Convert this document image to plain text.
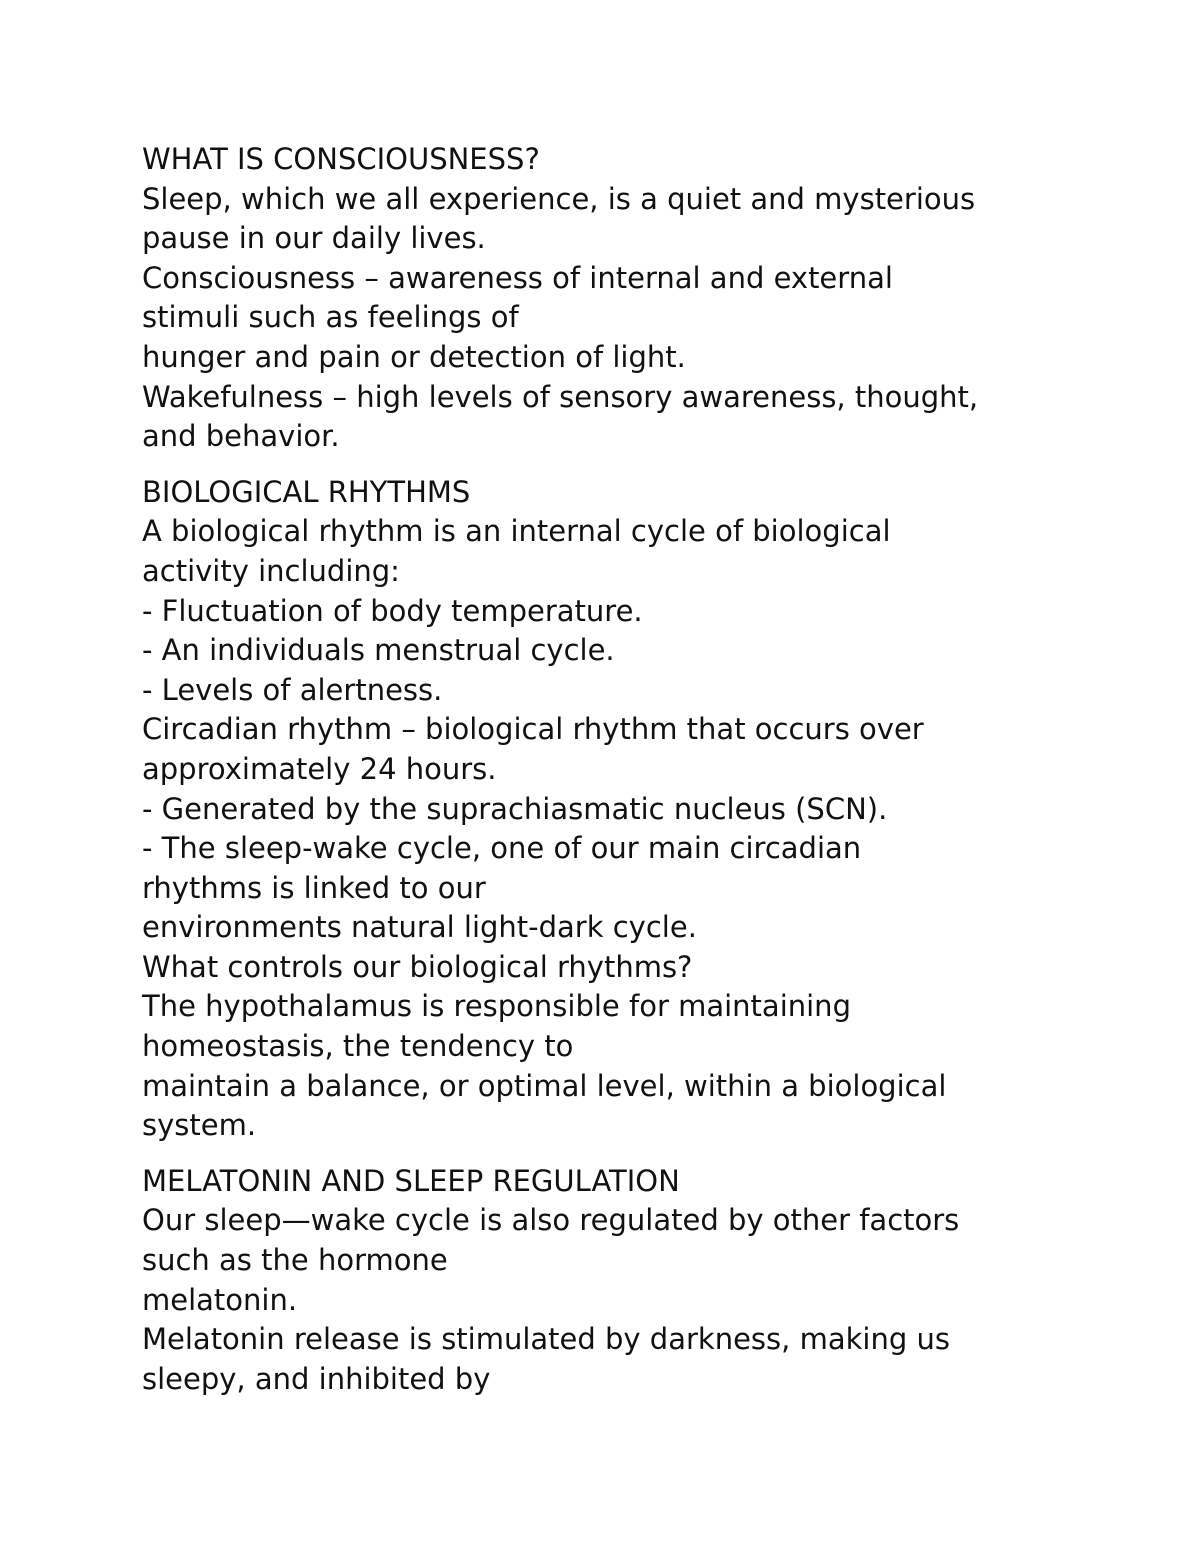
WHAT IS CONSCIOUSNESS?
Sleep, which we all experience, is a quiet and mysterious
pause in our daily lives.
Consciousness – awareness of internal and external
stimuli such as feelings of
hunger and pain or detection of light.
Wakefulness – high levels of sensory awareness, thought,
and behavior.
BIOLOGICAL RHYTHMS
A biological rhythm is an internal cycle of biological
activity including:
- Fluctuation of body temperature.
- An individuals menstrual cycle.
- Levels of alertness.
Circadian rhythm – biological rhythm that occurs over
approximately 24 hours.
- Generated by the suprachiasmatic nucleus (SCN).
- The sleep-wake cycle, one of our main circadian
rhythms is linked to our
environments natural light-dark cycle.
What controls our biological rhythms?
The hypothalamus is responsible for maintaining
homeostasis, the tendency to
maintain a balance, or optimal level, within a biological
system.
MELATONIN AND SLEEP REGULATION
Our sleep—wake cycle is also regulated by other factors
such as the hormone
melatonin.
Melatonin release is stimulated by darkness, making us
sleepy, and inhibited by
